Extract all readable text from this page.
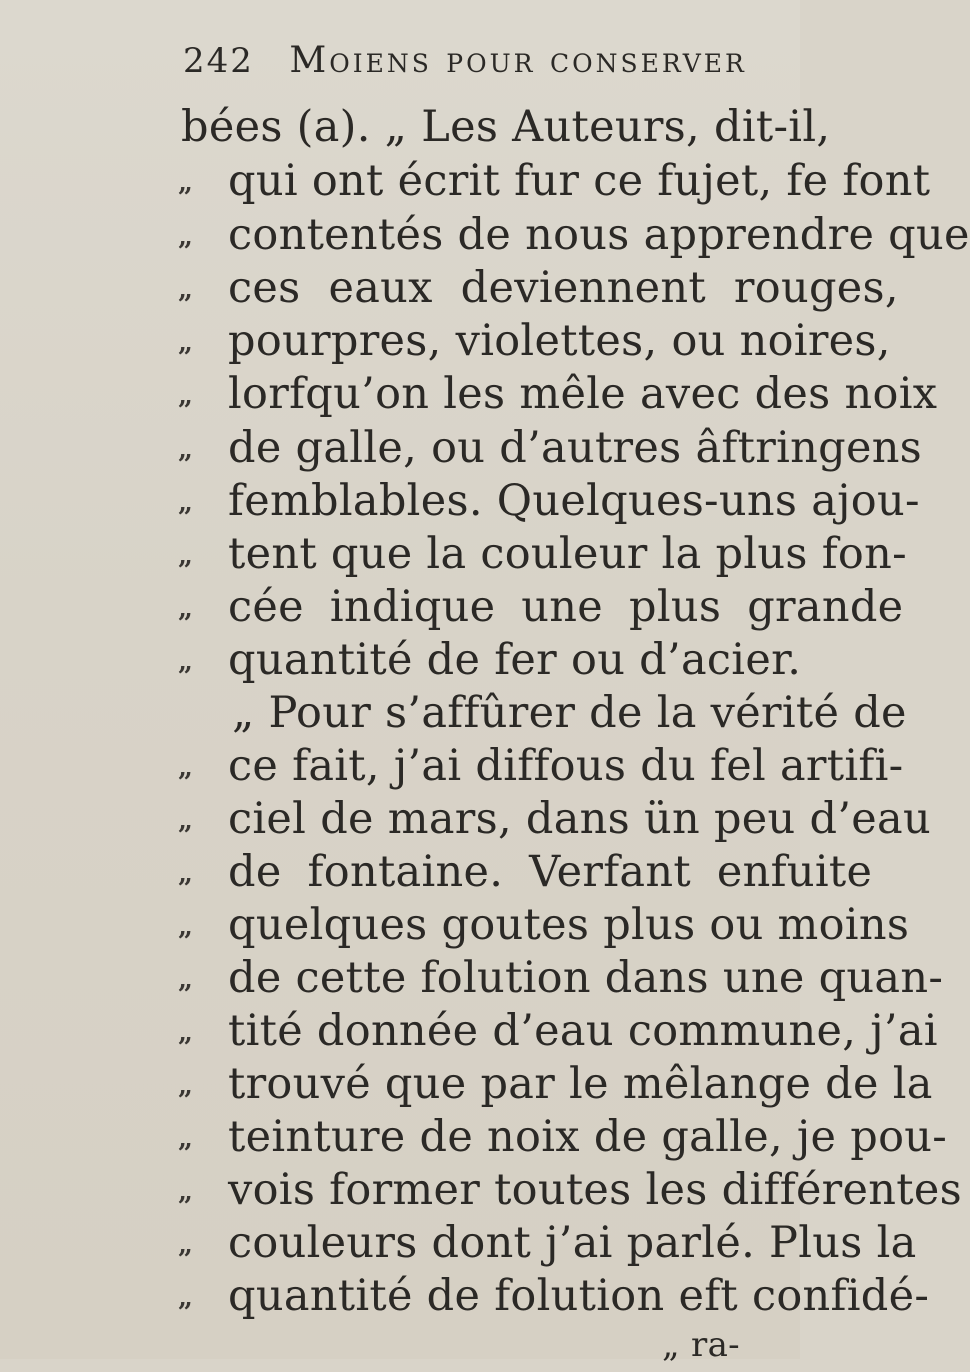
242 Moiens pour conserver
bées (a). „ Les Auteurs, dit-il,
qui ont écrit fur ce fujet, fe font
contentés de nous apprendre que
ces eaux deviennent rouges,
pourpres, violettes, ou noires,
lorfqu’on les mêle avec des noix
de galle, ou d’autres âftringens
femblables. Quelques-uns ajou-
tent que la couleur la plus fon-
cée indique une plus grande
quantité de fer ou d’acier.
„ Pour s’affûrer de la vérité de
ce fait, j’ai diffous du fel artifi-
ciel de mars, dans ün peu d’eau
de fontaine. Verfant enfuite
quelques goutes plus ou moins
de cette folution dans une quan-
tité donnée d’eau commune, j’ai
trouvé que par le mêlange de la
teinture de noix de galle, je pou-
vois former toutes les différentes
couleurs dont j’ai parlé. Plus la
quantité de folution eft confidé-
„
„
„
„
„
„
„
„
„
„
„
„
„
„
„
„
„
„
„
„
„
„ ra-
